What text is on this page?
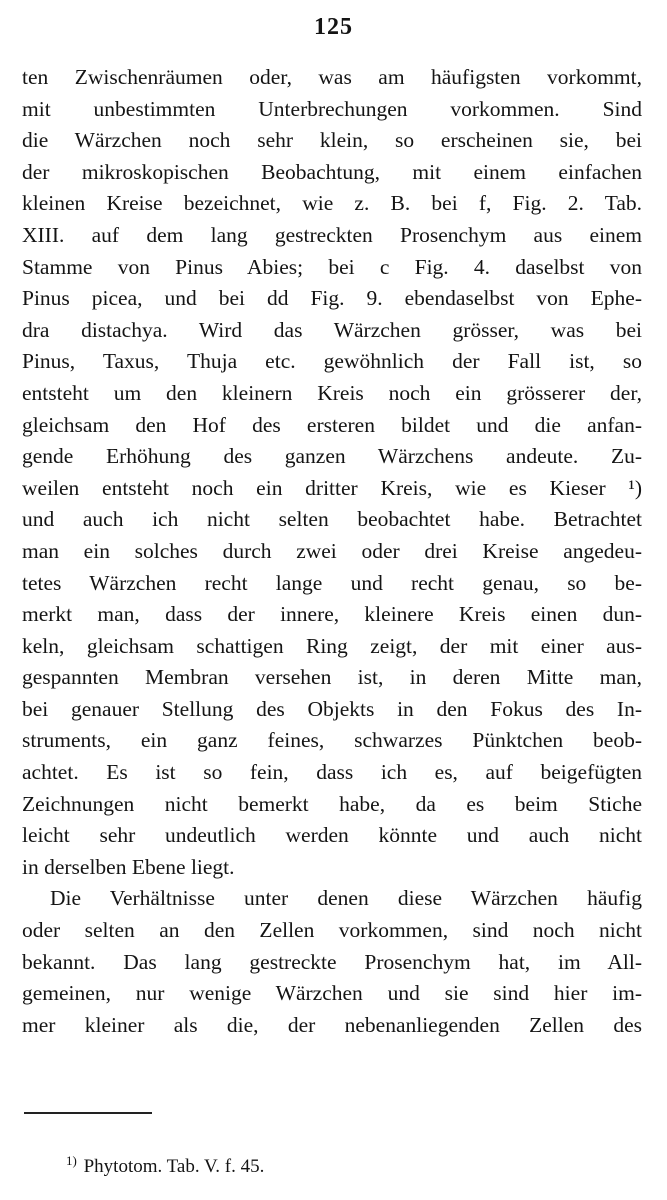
125
ten Zwischenräumen oder, was am häufigsten vorkommt,
mit unbestimmten Unterbrechungen vorkommen. Sind
die Wärzchen noch sehr klein, so erscheinen sie, bei
der mikroskopischen Beobachtung, mit einem einfachen
kleinen Kreise bezeichnet, wie z. B. bei f, Fig. 2. Tab.
XIII. auf dem lang gestreckten Prosenchym aus einem
Stamme von Pinus Abies; bei c Fig. 4. daselbst von
Pinus picea, und bei dd Fig. 9. ebendaselbst von Ephe-
dra distachya. Wird das Wärzchen grösser, was bei
Pinus, Taxus, Thuja etc. gewöhnlich der Fall ist, so
entsteht um den kleinern Kreis noch ein grösserer der,
gleichsam den Hof des ersteren bildet und die anfan-
gende Erhöhung des ganzen Wärzchens andeute. Zu-
weilen entsteht noch ein dritter Kreis, wie es Kieser ¹)
und auch ich nicht selten beobachtet habe. Betrachtet
man ein solches durch zwei oder drei Kreise angedeu-
tetes Wärzchen recht lange und recht genau, so be-
merkt man, dass der innere, kleinere Kreis einen dun-
keln, gleichsam schattigen Ring zeigt, der mit einer aus-
gespannten Membran versehen ist, in deren Mitte man,
bei genauer Stellung des Objekts in den Fokus des In-
struments, ein ganz feines, schwarzes Pünktchen beob-
achtet. Es ist so fein, dass ich es, auf beigefügten
Zeichnungen nicht bemerkt habe, da es beim Stiche
leicht sehr undeutlich werden könnte und auch nicht
in derselben Ebene liegt.
Die Verhältnisse unter denen diese Wärzchen häufig
oder selten an den Zellen vorkommen, sind noch nicht
bekannt. Das lang gestreckte Prosenchym hat, im All-
gemeinen, nur wenige Wärzchen und sie sind hier im-
mer kleiner als die, der nebenanliegenden Zellen des
$^{1)}$ Phytotom. Tab. V. f. 45.
